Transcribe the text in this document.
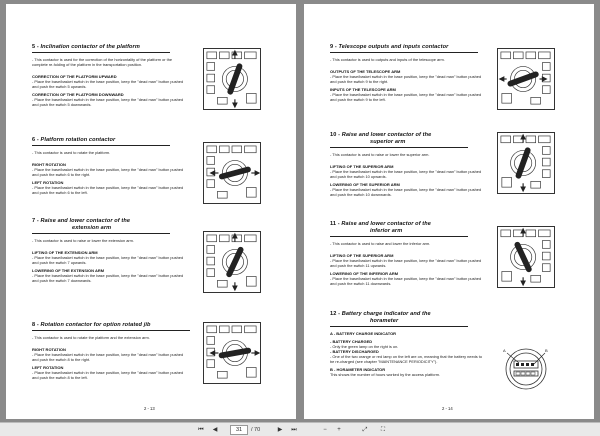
5 - Inclination contactor of the platform
- This contactor is used for the correction of the horizontality of the platform or the complete re-folding of the platform in the transportation position.
CORRECTION OF THE PLATFORM UPWARD
- Place the base/basket switch in the base position, keep the "dead man" button pushed and push the switch 5 upwards.
CORRECTION OF THE PLATFORM DOWNWARD
- Place the base/basket switch in the base position, keep the "dead man" button pushed and push the switch 5 downwards.
6 - Platform rotation contactor
- This contactor is used to rotate the platform.
RIGHT ROTATION
- Place the base/basket switch in the base position, keep the "dead man" button pushed and push the switch 6 to the right.
LEFT ROTATION
- Place the base/basket switch in the base position, keep the "dead man" button pushed and push the switch 6 to the left.
7 - Raise and lower contactor of the
extension arm
- This contactor is used to raise or lower the extension arm.
LIFTING OF THE EXTENSION ARM
- Place the base/basket switch in the base position, keep the "dead man" button pushed and push the switch 7 upwards.
LOWERING OF THE EXTENSION ARM
- Place the base/basket switch in the base position, keep the "dead man" button pushed and push the switch 7 downwards.
8 - Rotation contactor for option rotated jib
- This contactor is used to rotate the platform and the extension arm.
RIGHT ROTATION
- Place the base/basket switch in the base position, keep the "dead man" button pushed and push the switch 8 to the right.
LEFT ROTATION
- Place the base/basket switch in the base position, keep the "dead man" button pushed and push the switch 8 to the left.
2 - 13
9 - Telescope outputs and inputs contactor
- This contactor is used to outputs and inputs of the telescope arm.
OUTPUTS OF THE TELESCOPE ARM
- Place the base/basket switch in the base position, keep the "dead man" button pushed and push the switch 9 to the right.
INPUTS OF THE TELESCOPE ARM
- Place the base/basket switch in the base position, keep the "dead man" button pushed and push the switch 9 to the left.
10 - Raise and lower contactor of the
superior arm
- This contactor is used to raise or lower the superior arm.
LIFTING OF THE SUPERIOR ARM
- Place the base/basket switch in the base position, keep the "dead man" button pushed and push the switch 10 upwards.
LOWERING OF THE SUPERIOR ARM
- Place the base/basket switch in the base position, keep the "dead man" button pushed and push the switch 10 downwards.
11 - Raise and lower contactor of the
inferior arm
- This contactor is used to raise and lower the inferior arm.
LIFTING OF THE SUPERIOR ARM
- Place the base/basket switch in the base position, keep the "dead man" button pushed and push the switch 11 upwards.
LOWERING OF THE INFERIOR ARM
- Place the base/basket switch in the base position, keep the "dead man" button pushed and push the switch 11 downwards.
12 - Battery charge indicator and the
horameter
A - BATTERY CHARGE INDICATOR
- BATTERY CHARGED
- Only the green lamp on the right is on.
- BATTERY DISCHARGED
- One of the two orange or red lamp on the left are on, meaning that the battery needs to be re-charged (see chapter "MAINTENANCE PERIODICITY").
B - HORAMETER INDICATOR
This shows the number of hours worked by the access platform.
A	B
2 - 14
⏮	◀	31	/ 70	▶	⏭	−	+	⤢	⛶
